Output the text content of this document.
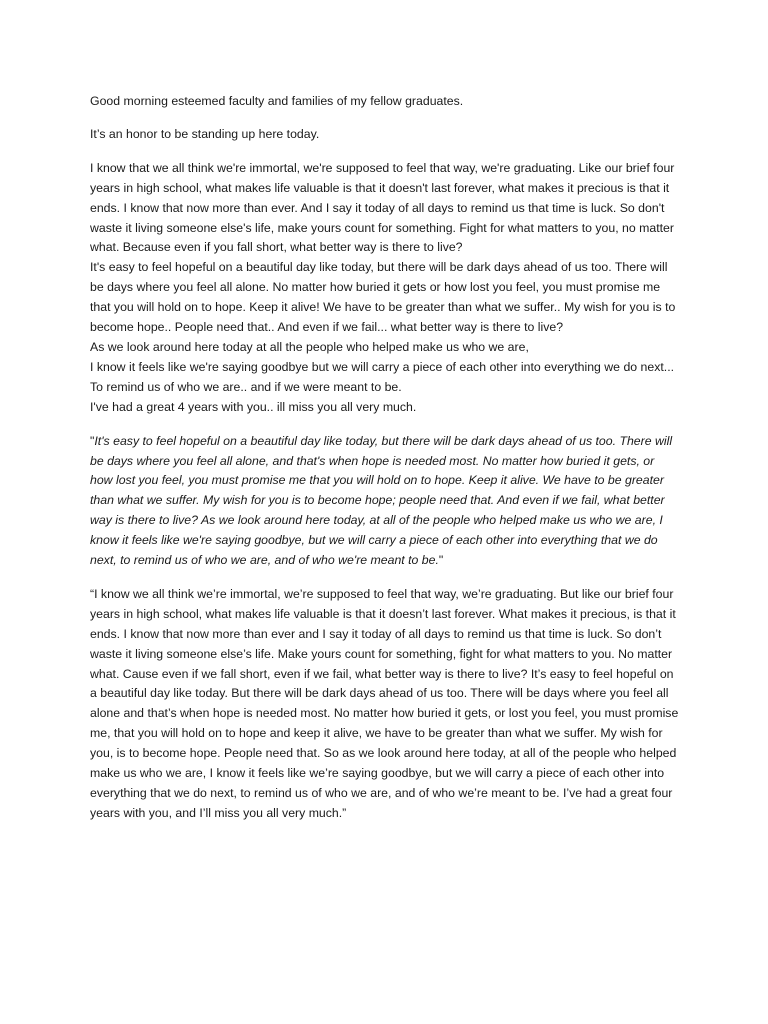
Good morning esteemed faculty and families of my fellow graduates.

It’s an honor to be standing up here today.

I know that we all think we're immortal, we're supposed to feel that way, we're graduating. Like our brief four years in high school, what makes life valuable is that it doesn't last forever, what makes it precious is that it ends. I know that now more than ever. And I say it today of all days to remind us that time is luck. So don't waste it living someone else's life, make yours count for something. Fight for what matters to you, no matter what. Because even if you fall short, what better way is there to live?

It's easy to feel hopeful on a beautiful day like today, but there will be dark days ahead of us too. There will be days where you feel all alone. No matter how buried it gets or how lost you feel, you must promise me that you will hold on to hope. Keep it alive! We have to be greater than what we suffer.. My wish for you is to become hope.. People need that.. And even if we fail... what better way is there to live?

As we look around here today at all the people who helped make us who we are,

I know it feels like we're saying goodbye but we will carry a piece of each other into everything we do next... To remind us of who we are.. and if we were meant to be.

I've had a great 4 years with you.. ill miss you all very much.

"It's easy to feel hopeful on a beautiful day like today, but there will be dark days ahead of us too. There will be days where you feel all alone, and that's when hope is needed most. No matter how buried it gets, or how lost you feel, you must promise me that you will hold on to hope. Keep it alive. We have to be greater than what we suffer. My wish for you is to become hope; people need that. And even if we fail, what better way is there to live? As we look around here today, at all of the people who helped make us who we are, I know it feels like we're saying goodbye, but we will carry a piece of each other into everything that we do next, to remind us of who we are, and of who we're meant to be."

“I know we all think we’re immortal, we’re supposed to feel that way, we’re graduating. But like our brief four years in high school, what makes life valuable is that it doesn’t last forever. What makes it precious, is that it ends. I know that now more than ever and I say it today of all days to remind us that time is luck. So don’t waste it living someone else’s life. Make yours count for something, fight for what matters to you. No matter what. Cause even if we fall short, even if we fail, what better way is there to live? It’s easy to feel hopeful on a beautiful day like today. But there will be dark days ahead of us too. There will be days where you feel all alone and that’s when hope is needed most. No matter how buried it gets, or lost you feel, you must promise me, that you will hold on to hope and keep it alive, we have to be greater than what we suffer. My wish for you, is to become hope. People need that. So as we look around here today, at all of the people who helped make us who we are, I know it feels like we’re saying goodbye, but we will carry a piece of each other into everything that we do next, to remind us of who we are, and of who we’re meant to be. I’ve had a great four years with you, and I’ll miss you all very much.”
